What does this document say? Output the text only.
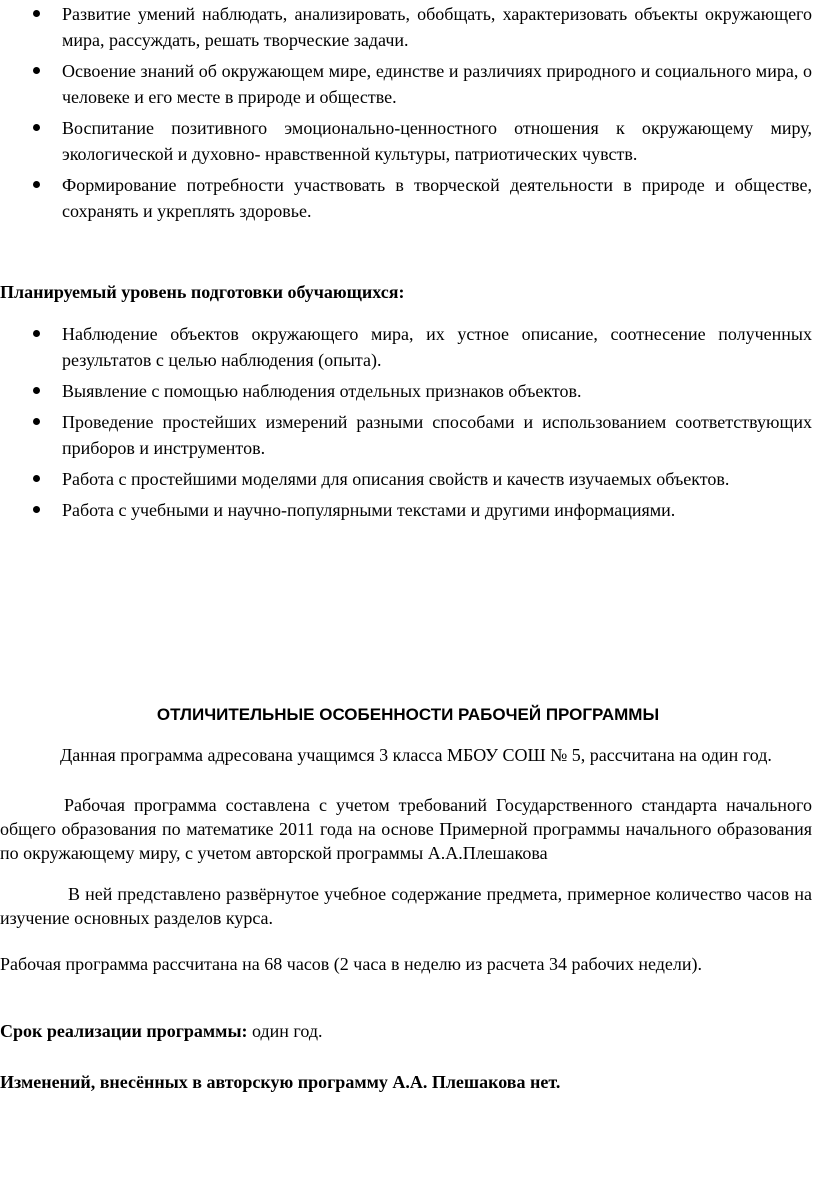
Развитие умений наблюдать, анализировать, обобщать, характеризовать объекты окружающего мира, рассуждать, решать творческие задачи.
Освоение знаний об окружающем мире, единстве и различиях природного и социального мира, о человеке и его месте в природе и обществе.
Воспитание позитивного эмоционально-ценностного отношения к окружающему миру, экологической и духовно- нравственной культуры, патриотических чувств.
Формирование потребности участвовать в творческой деятельности в природе и обществе, сохранять и укреплять здоровье.
Планируемый уровень подготовки обучающихся:
Наблюдение объектов окружающего мира, их устное описание, соотнесение полученных результатов с целью наблюдения (опыта).
Выявление с помощью наблюдения отдельных признаков объектов.
Проведение простейших измерений разными способами и использованием соответствующих приборов и инструментов.
Работа с простейшими моделями для описания свойств и качеств изучаемых объектов.
Работа с учебными и научно-популярными текстами и другими информациями.
ОТЛИЧИТЕЛЬНЫЕ ОСОБЕННОСТИ РАБОЧЕЙ ПРОГРАММЫ

Данная программа адресована учащимся 3 класса МБОУ СОШ № 5, рассчитана на один год.

Рабочая программа составлена с учетом требований Государственного стандарта начального общего образования по математике 2011 года на основе Примерной программы начального образования по окружающему миру, с учетом авторской программы А.А.Плешакова

В ней представлено развёрнутое учебное содержание предмета, примерное количество часов на изучение основных разделов курса.

Рабочая программа рассчитана на 68 часов (2 часа в неделю из расчета 34 рабочих недели).
Срок реализации программы: один год.
Изменений, внесённых в авторскую программу А.А. Плешакова нет.
